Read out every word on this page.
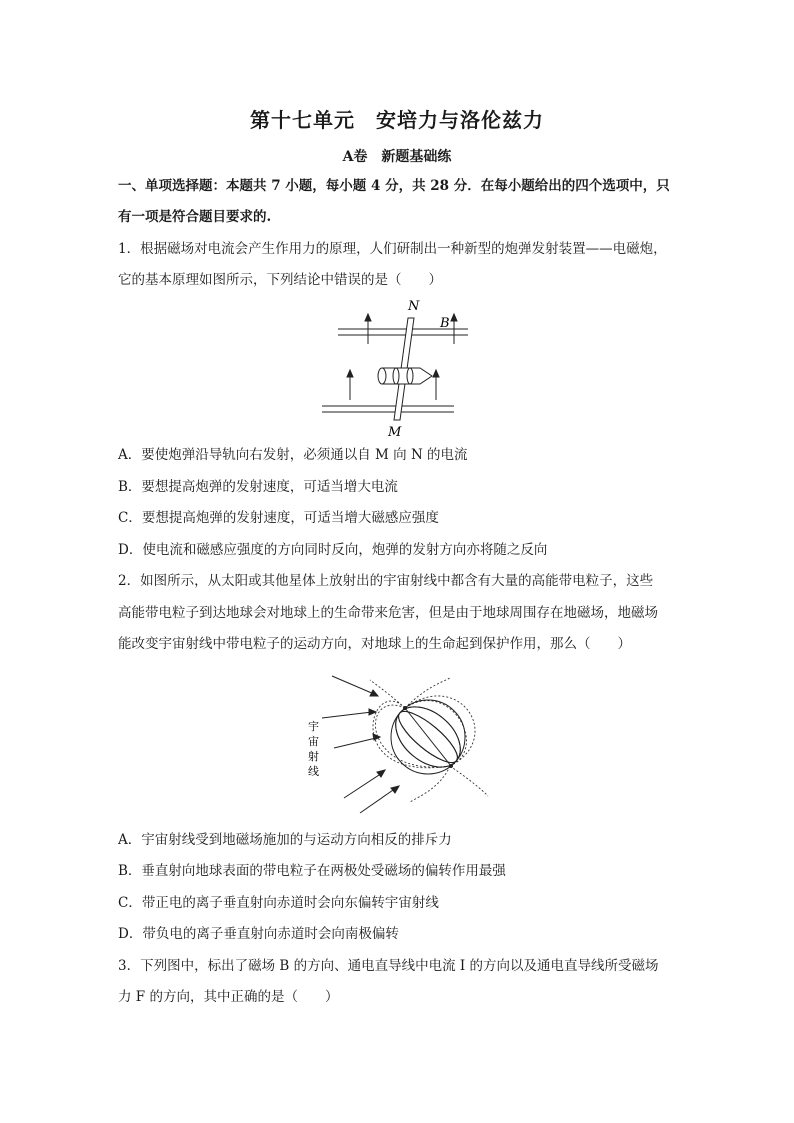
第十七单元　安培力与洛伦兹力
A卷　新题基础练
一、单项选择题：本题共 7 小题，每小题 4 分，共 28 分．在每小题给出的四个选项中，只
有一项是符合题目要求的.
1．根据磁场对电流会产生作用力的原理，人们研制出一种新型的炮弹发射装置——电磁炮，
它的基本原理如图所示，下列结论中错误的是（　　）
N
B
M
A．要使炮弹沿导轨向右发射，必须通以自 M 向 N 的电流
B．要想提高炮弹的发射速度，可适当增大电流
C．要想提高炮弹的发射速度，可适当增大磁感应强度
D．使电流和磁感应强度的方向同时反向，炮弹的发射方向亦将随之反向
2．如图所示，从太阳或其他星体上放射出的宇宙射线中都含有大量的高能带电粒子，这些
高能带电粒子到达地球会对地球上的生命带来危害，但是由于地球周围存在地磁场，地磁场
能改变宇宙射线中带电粒子的运动方向，对地球上的生命起到保护作用，那么（　　）
宇
宙
射
线
A．宇宙射线受到地磁场施加的与运动方向相反的排斥力
B．垂直射向地球表面的带电粒子在两极处受磁场的偏转作用最强
C．带正电的离子垂直射向赤道时会向东偏转宇宙射线
D．带负电的离子垂直射向赤道时会向南极偏转
3．下列图中，标出了磁场 B 的方向、通电直导线中电流 I 的方向以及通电直导线所受磁场
力 F 的方向，其中正确的是（　　）
